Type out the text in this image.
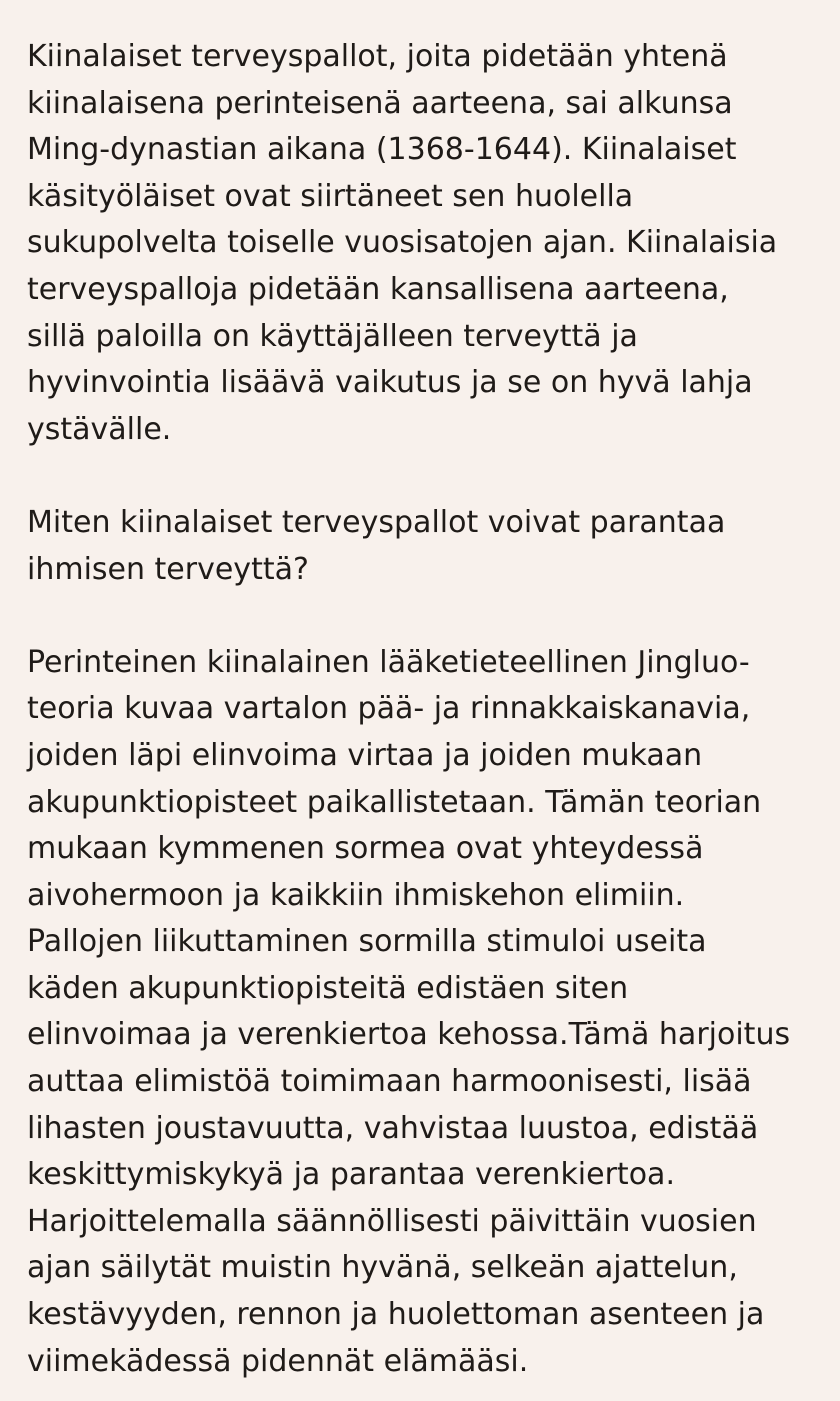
Kiinalaiset terveyspallot, joita pidetään yhtenä
kiinalaisena perinteisenä aarteena, sai alkunsa
Ming-dynastian aikana (1368-1644). Kiinalaiset
käsityöläiset ovat siirtäneet sen huolella
sukupolvelta toiselle vuosisatojen ajan. Kiinalaisia
terveyspalloja pidetään kansallisena aarteena,
sillä paloilla on käyttäjälleen terveyttä ja
hyvinvointia lisäävä vaikutus ja se on hyvä lahja
ystävälle.
Miten kiinalaiset terveyspallot voivat parantaa
ihmisen terveyttä?
Perinteinen kiinalainen lääketieteellinen Jingluo-
teoria kuvaa vartalon pää- ja rinnakkaiskanavia,
joiden läpi elinvoima virtaa ja joiden mukaan
akupunktiopisteet paikallistetaan. Tämän teorian
mukaan kymmenen sormea ovat yhteydessä
aivohermoon ja kaikkiin ihmiskehon elimiin.
Pallojen liikuttaminen sormilla stimuloi useita
käden akupunktiopisteitä edistäen siten
elinvoimaa ja verenkiertoa kehossa.Tämä harjoitus
auttaa elimistöä toimimaan harmoonisesti, lisää
lihasten joustavuutta, vahvistaa luustoa, edistää
keskittymiskykyä ja parantaa verenkiertoa.
Harjoittelemalla säännöllisesti päivittäin vuosien
ajan säilytät muistin hyvänä, selkeän ajattelun,
kestävyyden, rennon ja huolettoman asenteen ja
viimekädessä pidennät elämääsi.
